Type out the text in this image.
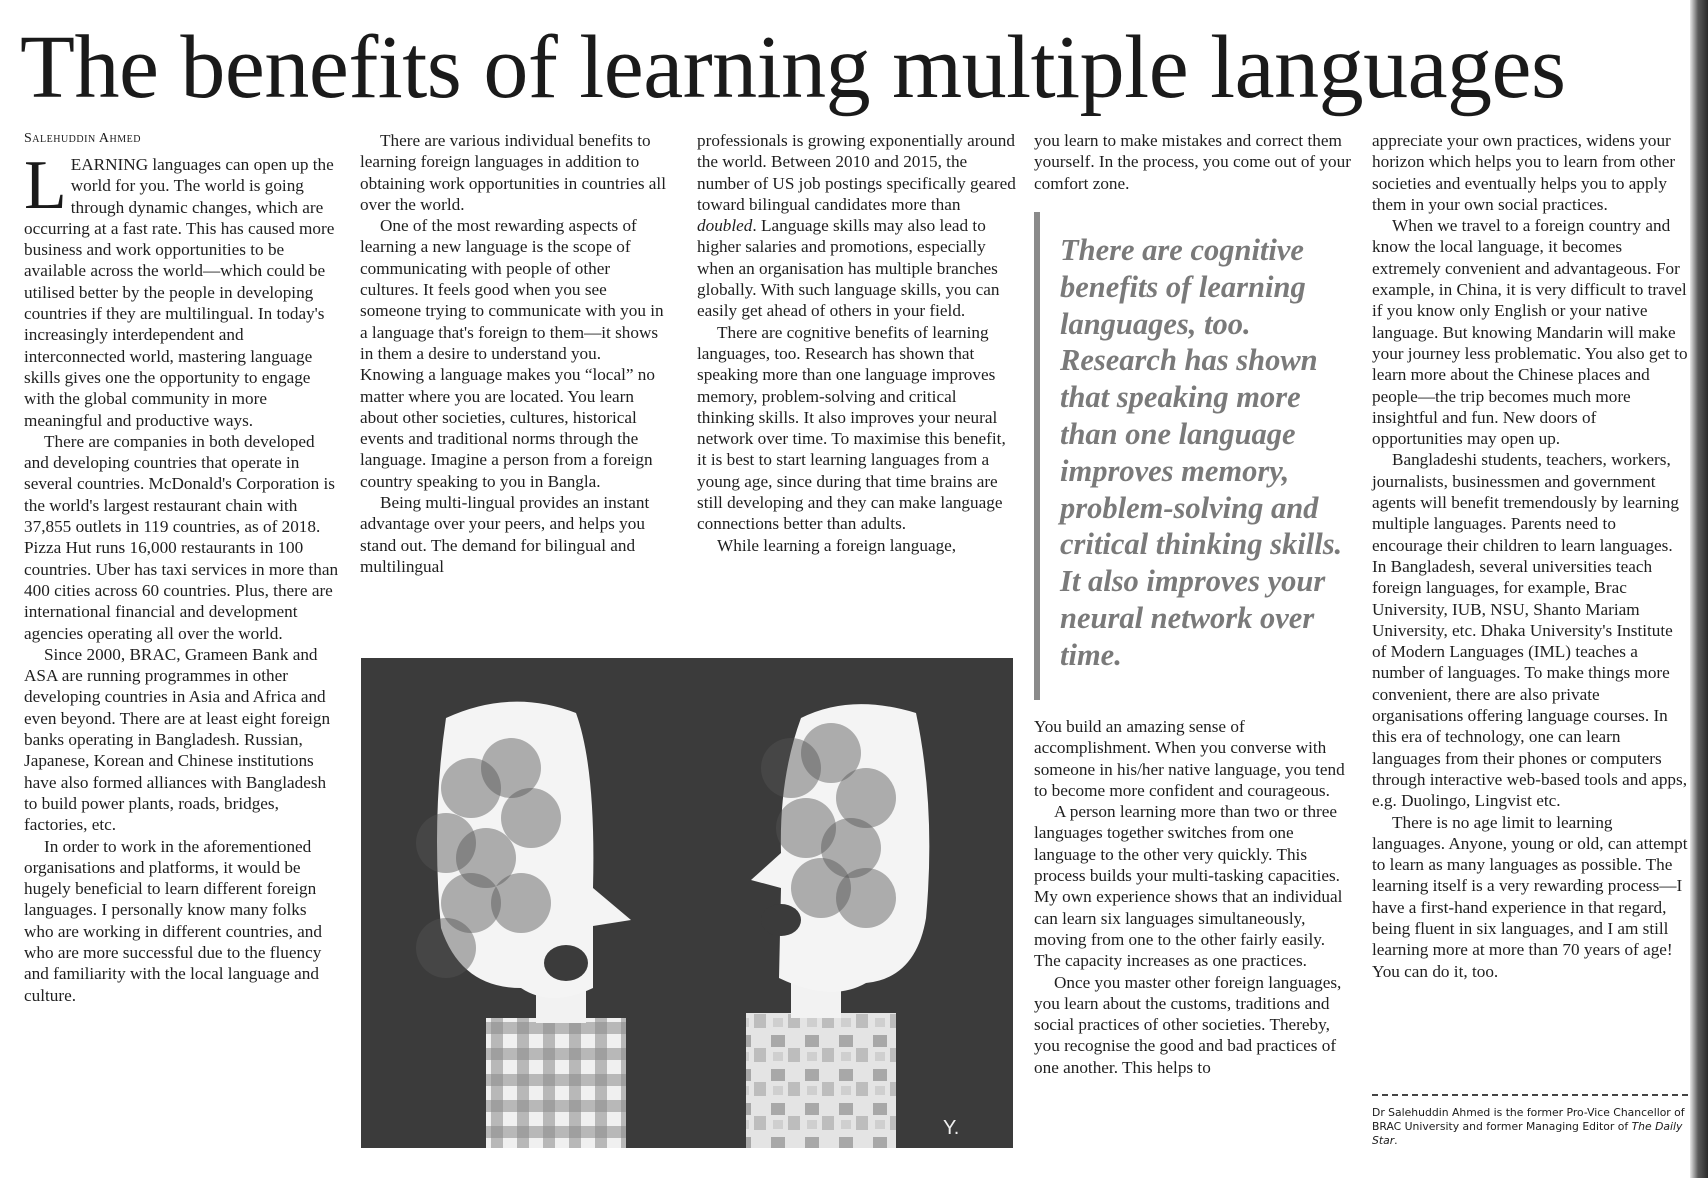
The benefits of learning multiple languages
Salehuddin Ahmed

LEARNING languages can open up the world for you. The world is going through dynamic changes, which are occurring at a fast rate. This has caused more business and work opportunities to be available across the world—which could be utilised better by the people in developing countries if they are multilingual. In today's increasingly interdependent and interconnected world, mastering language skills gives one the opportunity to engage with the global community in more meaningful and productive ways.

There are companies in both developed and developing countries that operate in several countries. McDonald's Corporation is the world's largest restaurant chain with 37,855 outlets in 119 countries, as of 2018. Pizza Hut runs 16,000 restaurants in 100 countries. Uber has taxi services in more than 400 cities across 60 countries. Plus, there are international financial and development agencies operating all over the world.

Since 2000, BRAC, Grameen Bank and ASA are running programmes in other developing countries in Asia and Africa and even beyond. There are at least eight foreign banks operating in Bangladesh. Russian, Japanese, Korean and Chinese institutions have also formed alliances with Bangladesh to build power plants, roads, bridges, factories, etc.

In order to work in the aforementioned organisations and platforms, it would be hugely beneficial to learn different foreign languages. I personally know many folks who are working in different countries, and who are more successful due to the fluency and familiarity with the local language and culture.

There are various individual benefits to learning foreign languages in addition to obtaining work opportunities in countries all over the world.

One of the most rewarding aspects of learning a new language is the scope of communicating with people of other cultures. It feels good when you see someone trying to communicate with you in a language that's foreign to them—it shows in them a desire to understand you. Knowing a language makes you “local” no matter where you are located. You learn about other societies, cultures, historical events and traditional norms through the language. Imagine a person from a foreign country speaking to you in Bangla.

Being multi-lingual provides an instant advantage over your peers, and helps you stand out. The demand for bilingual and multilingual

professionals is growing exponentially around the world. Between 2010 and 2015, the number of US job postings specifically geared toward bilingual candidates more than doubled. Language skills may also lead to higher salaries and promotions, especially when an organisation has multiple branches globally. With such language skills, you can easily get ahead of others in your field.

There are cognitive benefits of learning languages, too. Research has shown that speaking more than one language improves memory, problem-solving and critical thinking skills. It also improves your neural network over time. To maximise this benefit, it is best to start learning languages from a young age, since during that time brains are still developing and they can make language connections better than adults.

While learning a foreign language,

Y.

you learn to make mistakes and correct them yourself. In the process, you come out of your comfort zone.

There are cognitive benefits of learning languages, too. Research has shown that speaking more than one language improves memory, problem-solving and critical thinking skills. It also improves your neural network over time.

You build an amazing sense of accomplishment. When you converse with someone in his/her native language, you tend to become more confident and courageous.

A person learning more than two or three languages together switches from one language to the other very quickly. This process builds your multi-tasking capacities. My own experience shows that an individual can learn six languages simultaneously, moving from one to the other fairly easily. The capacity increases as one practices.

Once you master other foreign languages, you learn about the customs, traditions and social practices of other societies. Thereby, you recognise the good and bad practices of one another. This helps to

appreciate your own practices, widens your horizon which helps you to learn from other societies and eventually helps you to apply them in your own social practices.

When we travel to a foreign country and know the local language, it becomes extremely convenient and advantageous. For example, in China, it is very difficult to travel if you know only English or your native language. But knowing Mandarin will make your journey less problematic. You also get to learn more about the Chinese places and people—the trip becomes much more insightful and fun. New doors of opportunities may open up.

Bangladeshi students, teachers, workers, journalists, businessmen and government agents will benefit tremendously by learning multiple languages. Parents need to encourage their children to learn languages. In Bangladesh, several universities teach foreign languages, for example, Brac University, IUB, NSU, Shanto Mariam University, etc. Dhaka University's Institute of Modern Languages (IML) teaches a number of languages. To make things more convenient, there are also private organisations offering language courses. In this era of technology, one can learn languages from their phones or computers through interactive web-based tools and apps, e.g. Duolingo, Lingvist etc.

There is no age limit to learning languages. Anyone, young or old, can attempt to learn as many languages as possible. The learning itself is a very rewarding process—I have a first-hand experience in that regard, being fluent in six languages, and I am still learning more at more than 70 years of age! You can do it, too.

Dr Salehuddin Ahmed is the former Pro-Vice Chancellor of BRAC University and former Managing Editor of The Daily Star.
